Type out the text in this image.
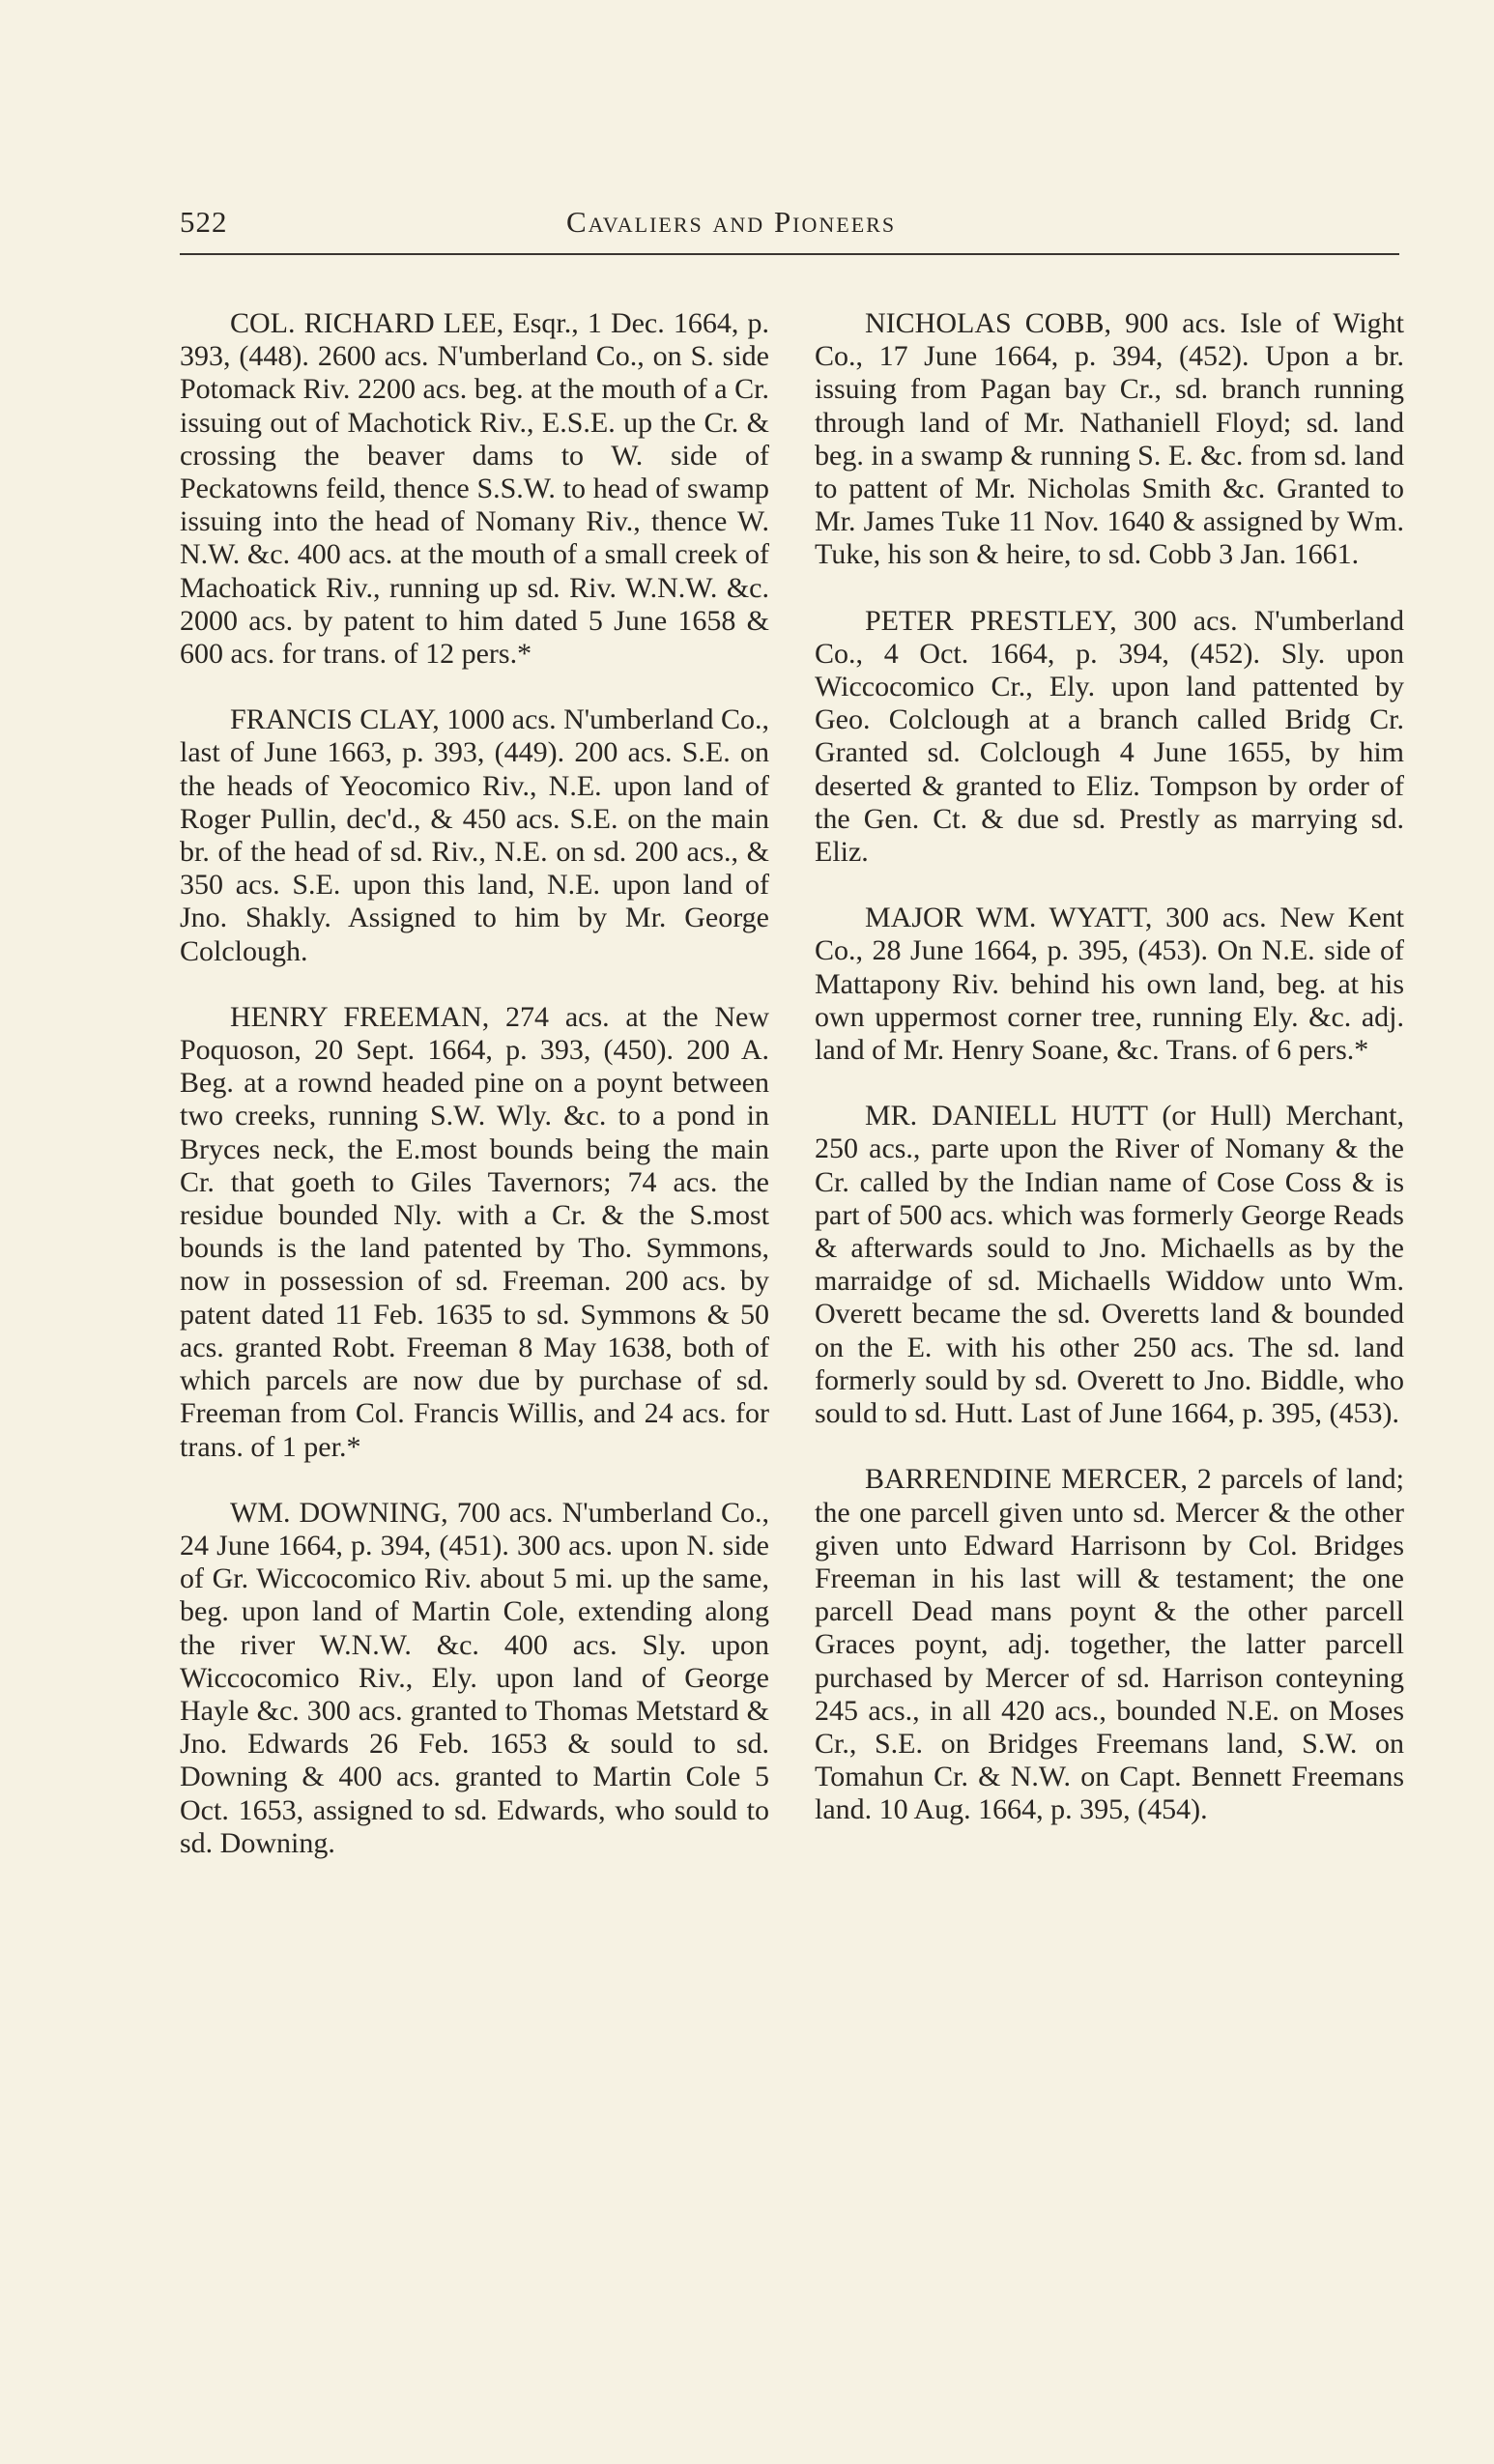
522	Cavaliers and Pioneers

COL. RICHARD LEE, Esqr., 1 Dec. 1664, p. 393, (448). 2600 acs. N'umberland Co., on S. side Potomack Riv. 2200 acs. beg. at the mouth of a Cr. issuing out of Machotick Riv., E.S.E. up the Cr. & crossing the beaver dams to W. side of Peckatowns feild, thence S.S.W. to head of swamp issuing into the head of Nomany Riv., thence W. N.W. &c. 400 acs. at the mouth of a small creek of Machoatick Riv., running up sd. Riv. W.N.W. &c. 2000 acs. by patent to him dated 5 June 1658 & 600 acs. for trans. of 12 pers.*

FRANCIS CLAY, 1000 acs. N'umberland Co., last of June 1663, p. 393, (449). 200 acs. S.E. on the heads of Yeocomico Riv., N.E. upon land of Roger Pullin, dec'd., & 450 acs. S.E. on the main br. of the head of sd. Riv., N.E. on sd. 200 acs., & 350 acs. S.E. upon this land, N.E. upon land of Jno. Shakly. Assigned to him by Mr. George Colclough.

HENRY FREEMAN, 274 acs. at the New Poquoson, 20 Sept. 1664, p. 393, (450). 200 A. Beg. at a rownd headed pine on a poynt between two creeks, running S.W. Wly. &c. to a pond in Bryces neck, the E.most bounds being the main Cr. that goeth to Giles Tavernors; 74 acs. the residue bounded Nly. with a Cr. & the S.most bounds is the land patented by Tho. Symmons, now in possession of sd. Freeman. 200 acs. by patent dated 11 Feb. 1635 to sd. Symmons & 50 acs. granted Robt. Freeman 8 May 1638, both of which parcels are now due by purchase of sd. Freeman from Col. Francis Willis, and 24 acs. for trans. of 1 per.*

WM. DOWNING, 700 acs. N'umberland Co., 24 June 1664, p. 394, (451). 300 acs. upon N. side of Gr. Wiccocomico Riv. about 5 mi. up the same, beg. upon land of Martin Cole, extending along the river W.N.W. &c. 400 acs. Sly. upon Wiccocomico Riv., Ely. upon land of George Hayle &c. 300 acs. granted to Thomas Metstard & Jno. Edwards 26 Feb. 1653 & sould to sd. Downing & 400 acs. granted to Martin Cole 5 Oct. 1653, assigned to sd. Edwards, who sould to sd. Downing.

NICHOLAS COBB, 900 acs. Isle of Wight Co., 17 June 1664, p. 394, (452). Upon a br. issuing from Pagan bay Cr., sd. branch running through land of Mr. Nathaniell Floyd; sd. land beg. in a swamp & running S. E. &c. from sd. land to pattent of Mr. Nicholas Smith &c. Granted to Mr. James Tuke 11 Nov. 1640 & assigned by Wm. Tuke, his son & heire, to sd. Cobb 3 Jan. 1661.

PETER PRESTLEY, 300 acs. N'umberland Co., 4 Oct. 1664, p. 394, (452). Sly. upon Wiccocomico Cr., Ely. upon land pattented by Geo. Colclough at a branch called Bridg Cr. Granted sd. Colclough 4 June 1655, by him deserted & granted to Eliz. Tompson by order of the Gen. Ct. & due sd. Prestly as marrying sd. Eliz.

MAJOR WM. WYATT, 300 acs. New Kent Co., 28 June 1664, p. 395, (453). On N.E. side of Mattapony Riv. behind his own land, beg. at his own uppermost corner tree, running Ely. &c. adj. land of Mr. Henry Soane, &c. Trans. of 6 pers.*

MR. DANIELL HUTT (or Hull) Merchant, 250 acs., parte upon the River of Nomany & the Cr. called by the Indian name of Cose Coss & is part of 500 acs. which was formerly George Reads & afterwards sould to Jno. Michaells as by the marraidge of sd. Michaells Widdow unto Wm. Overett became the sd. Overetts land & bounded on the E. with his other 250 acs. The sd. land formerly sould by sd. Overett to Jno. Biddle, who sould to sd. Hutt. Last of June 1664, p. 395, (453).

BARRENDINE MERCER, 2 parcels of land; the one parcell given unto sd. Mercer & the other given unto Edward Harrisonn by Col. Bridges Freeman in his last will & testament; the one parcell Dead mans poynt & the other parcell Graces poynt, adj. together, the latter parcell purchased by Mercer of sd. Harrison conteyning 245 acs., in all 420 acs., bounded N.E. on Moses Cr., S.E. on Bridges Freemans land, S.W. on Tomahun Cr. & N.W. on Capt. Bennett Freemans land. 10 Aug. 1664, p. 395, (454).
